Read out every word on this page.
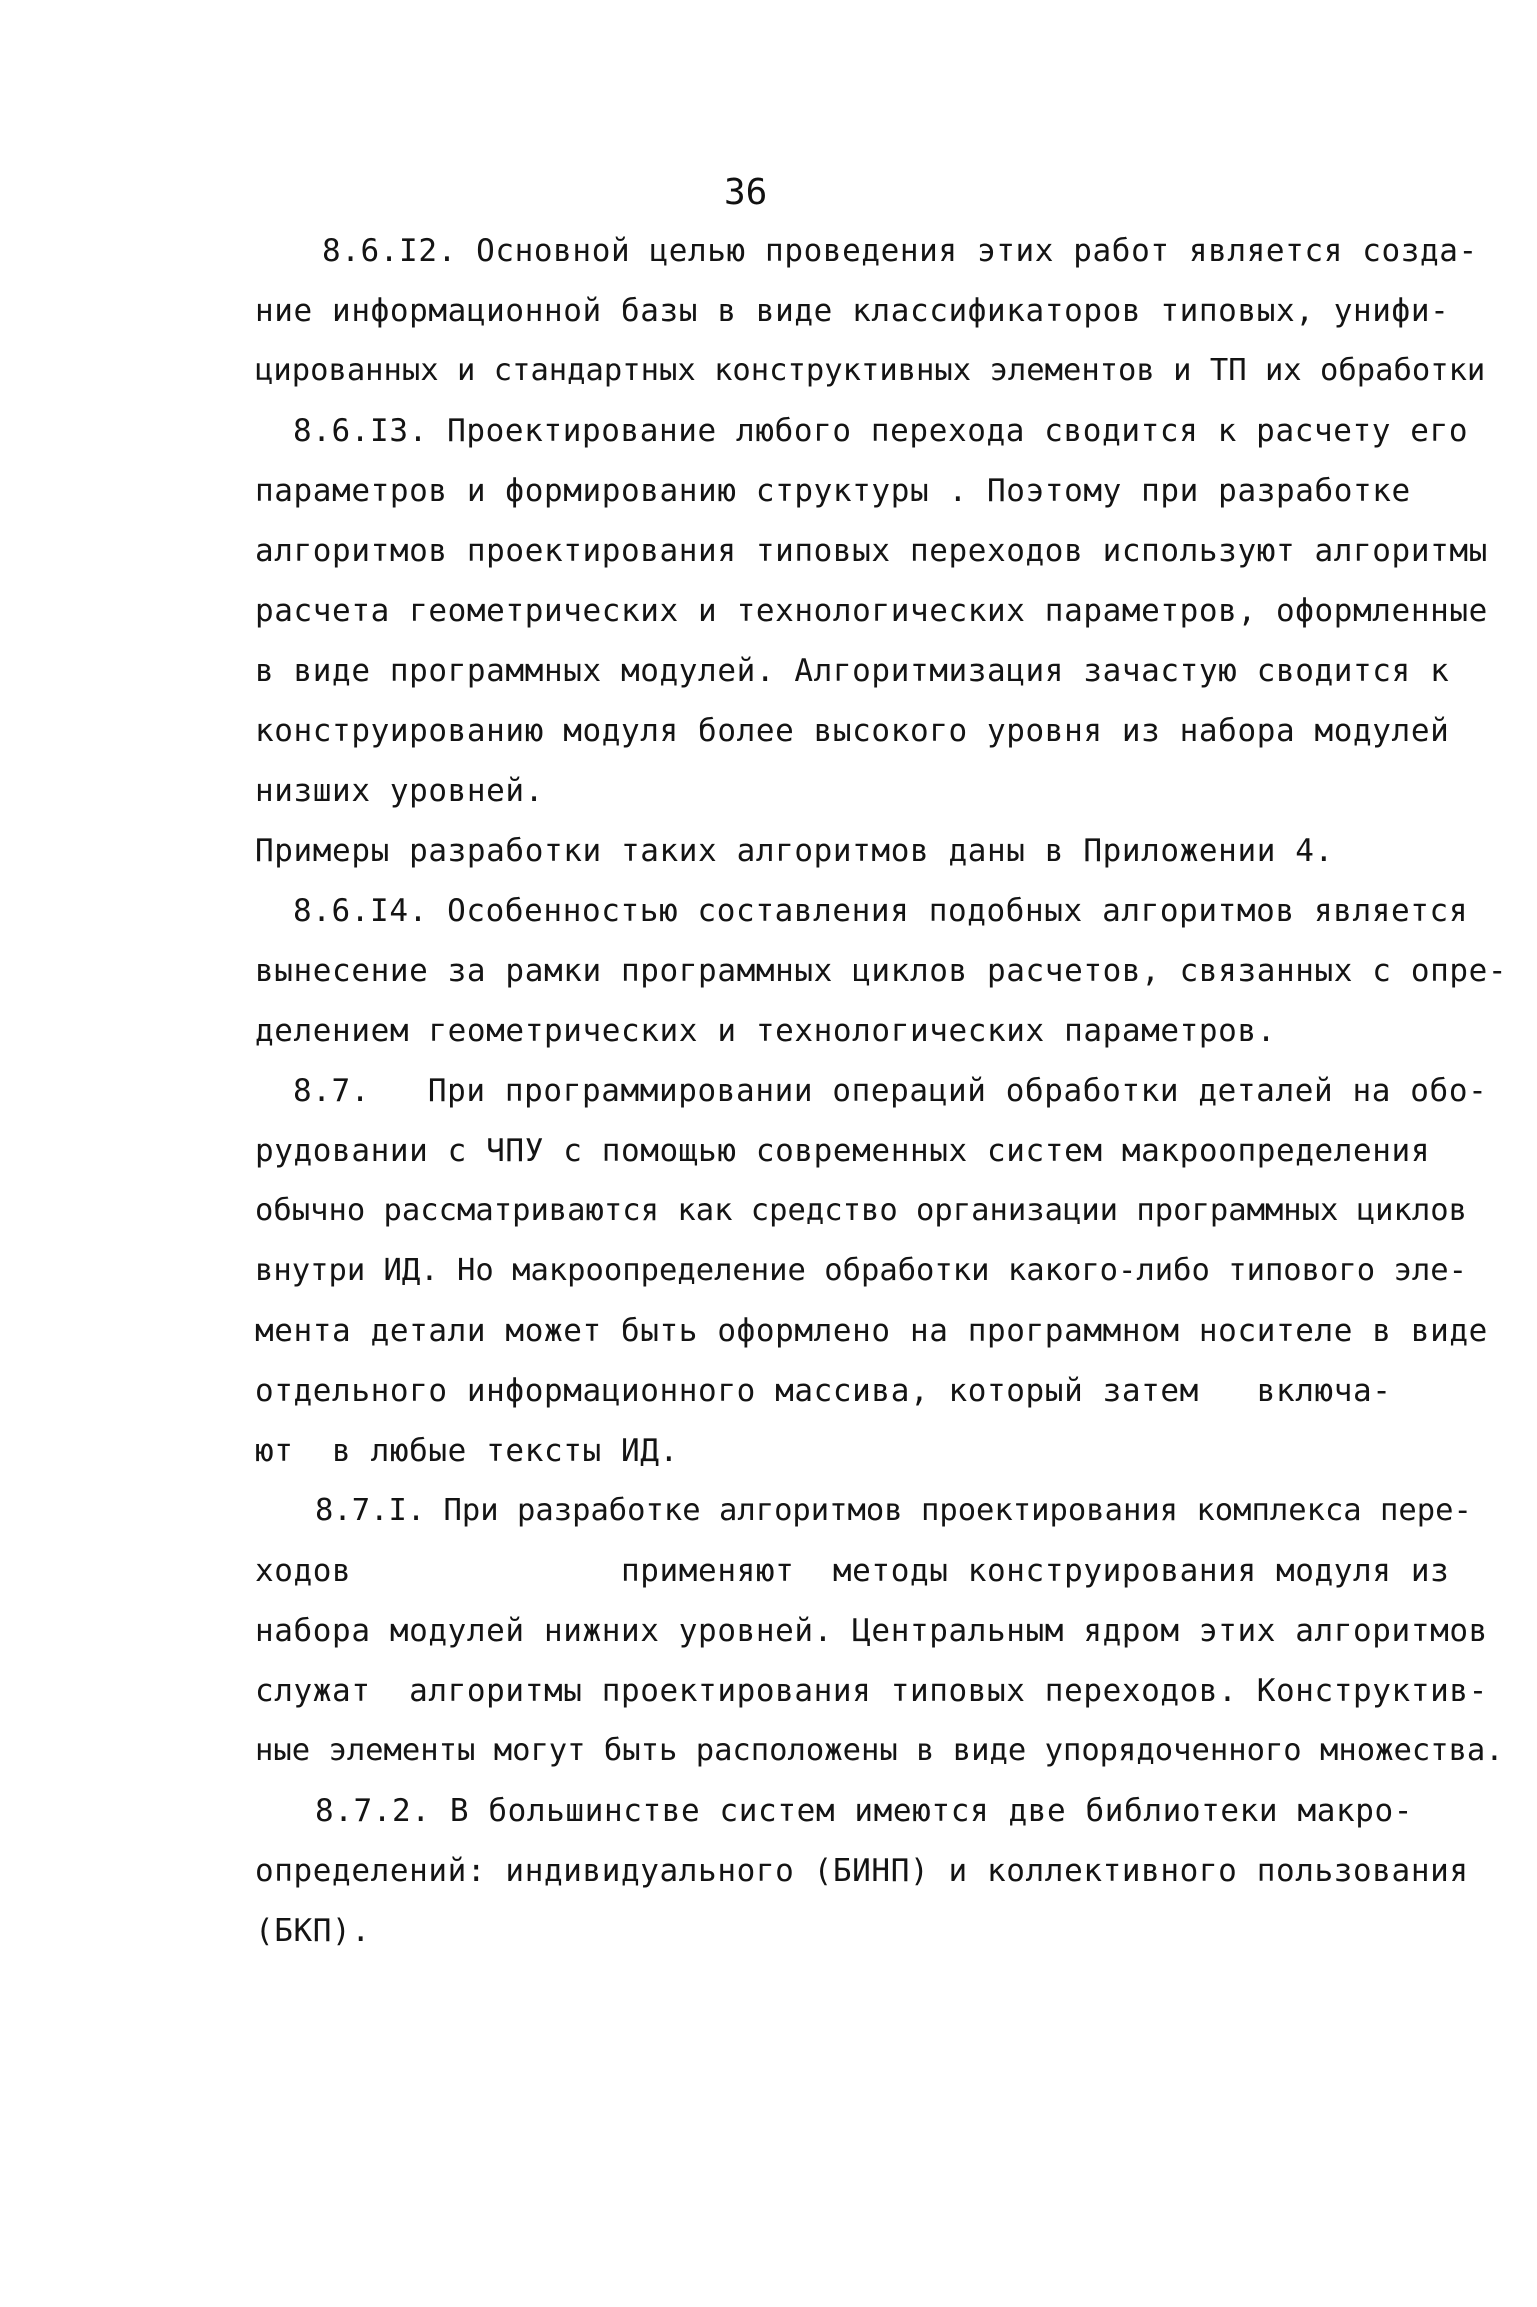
36
8.6.I2. Основной целью проведения этих работ является созда-
ние информационной базы в виде классификаторов типовых, унифи-
цированных и стандартных конструктивных элементов и ТП их обработки
8.6.I3. Проектирование любого перехода сводится к расчету его
параметров и формированию структуры . Поэтому при разработке
алгоритмов проектирования типовых переходов используют алгоритмы
расчета геометрических и технологических параметров, оформленные
в виде программных модулей. Алгоритмизация зачастую сводится к
конструированию модуля более высокого уровня из набора модулей
низших уровней.
Примеры разработки таких алгоритмов даны в Приложении 4.
8.6.I4. Особенностью составления подобных алгоритмов является
вынесение за рамки программных циклов расчетов, связанных с опре-
делением геометрических и технологических параметров.
8.7.   При программировании операций обработки деталей на обо-
рудовании с ЧПУ с помощью современных систем макроопределения
обычно рассматриваются как средство организации программных циклов
внутри ИД. Но макроопределение обработки какого-либо типового эле-
мента детали может быть оформлено на программном носителе в виде
отдельного информационного массива, который затем   включа-
ют  в любые тексты ИД.
8.7.I. При разработке алгоритмов проектирования комплекса пере-
ходов              применяют  методы конструирования модуля из
набора модулей нижних уровней. Центральным ядром этих алгоритмов
служат  алгоритмы проектирования типовых переходов. Конструктив-
ные элементы могут быть расположены в виде упорядоченного множества.
8.7.2. В большинстве систем имеются две библиотеки макро-
определений: индивидуального (БИНП) и коллективного пользования
(БКП).
